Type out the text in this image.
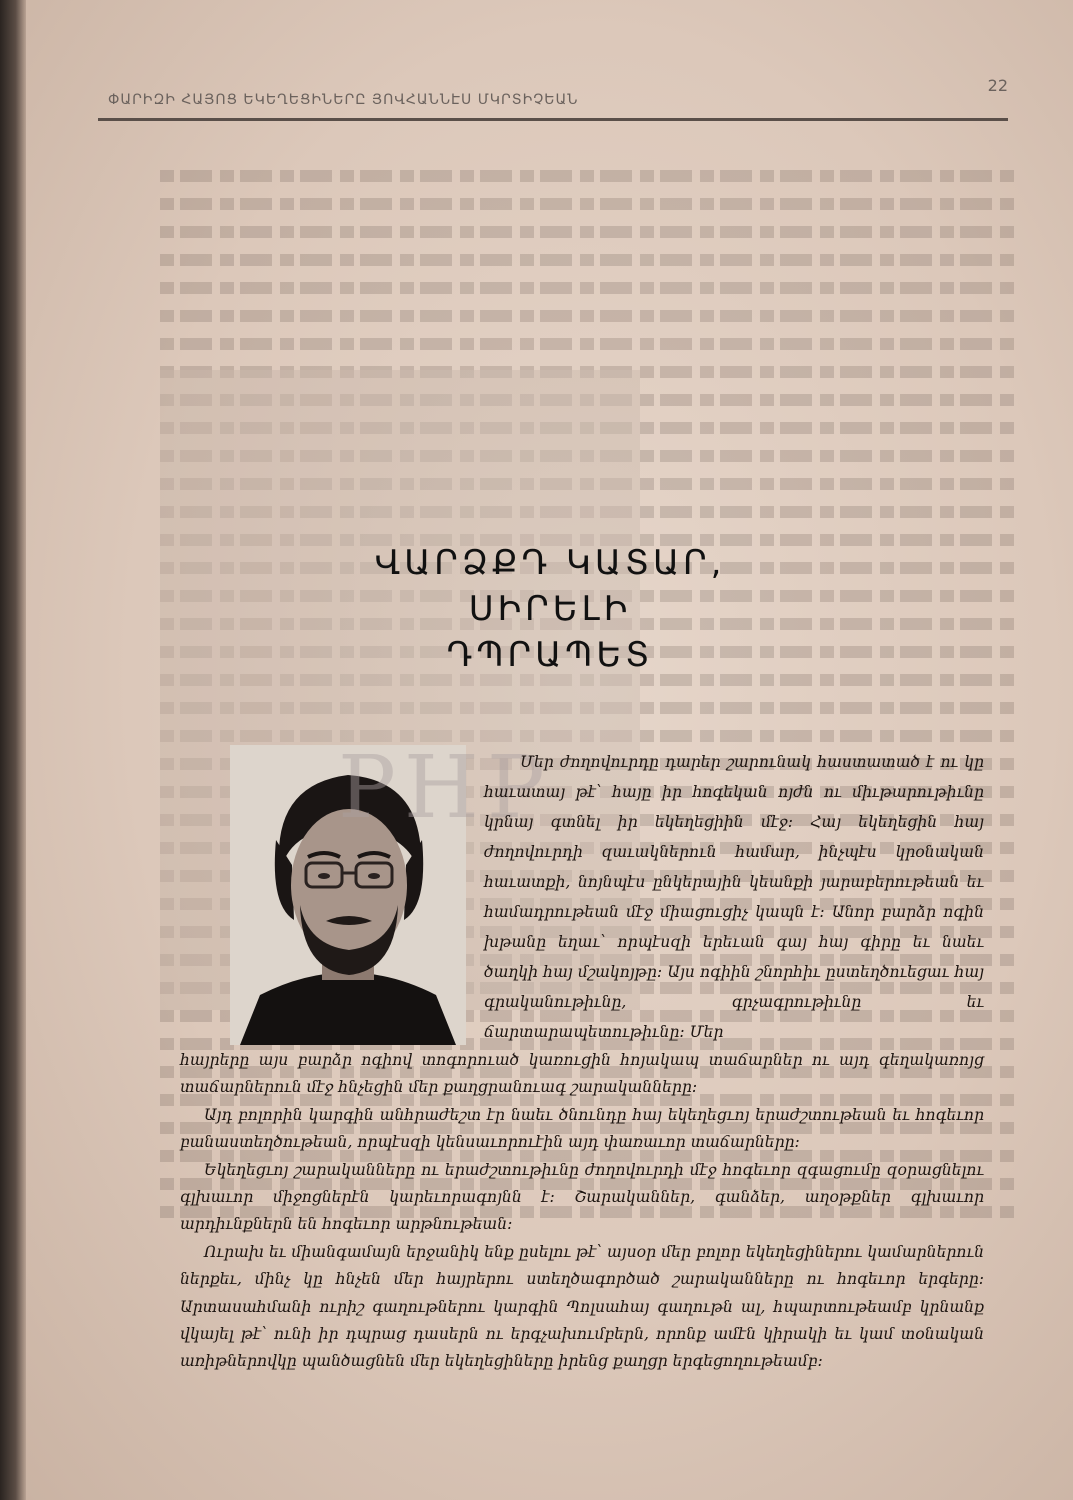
ՓԱՐԻԶԻ ՀԱՅՈՑ ԵԿԵՂԵՑԻՆԵՐԸ ՅՈՎՀԱՆՆԷՍ ՄԿՐՏԻՉԵԱՆ
22
ՎԱՐՁՔԴ ԿԱՏԱՐ,
ՍԻՐԵԼԻ ԴՊՐԱՊԵՏ
PHP

Մեր ժողովուրդը դարեր շարունակ հաստատած է ու կը հաւատայ թէ՝ հայը իր հոգեկան ոյժն ու միւթարութիւնը կրնայ գտնել իր եկեղեցիին մէջ: Հայ եկեղեցին հայ ժողովուրդի զաւակներուն համար, ինչպէս կրօնական հաւատքի, նոյնպէս ընկերային կեանքի յարաբերութեան եւ համադրութեան մէջ միացուցիչ կապն է: Անոր բարձր ոգին խթանը եղաւ՝ որպէսզի երեւան գայ հայ գիրը եւ նաեւ ծաղկի հայ մշակոյթը: Այս ոգիին շնորհիւ ըստեղծուեցաւ հայ գրականութիւնը, գրչագրութիւնը եւ ճարտարապետութիւնը: Մեր

հայրերը այս բարձր ոգիով տոգորուած կառուցին հոյակապ տաճարներ ու այդ գեղակառոյց տաճարներուն մէջ հնչեցին մեր քաղցրանուագ շարականները:

Այդ բոլորին կարգին անհրաժեշտ էր նաեւ ծնունդը հայ եկեղեցւոյ երաժշտութեան եւ հոգեւոր բանաստեղծութեան, որպէսզի կենսաւորուէին այդ փառաւոր տաճարները:

Եկեղեցւոյ շարականները ու երաժշտութիւնը ժողովուրդի մէջ հոգեւոր զգացումը զօրացնելու գլխաւոր միջոցներէն կարեւորագոյնն է: Շարականներ, գանձեր, աղօթքներ գլխաւոր արդիւնքներն են հոգեւոր արթնութեան:

Ուրախ եւ միանգամայն երջանիկ ենք ըսելու թէ՝ այսօր մեր բոլոր եկեղեցիներու կամարներուն ներքեւ, մինչ կը հնչեն մեր հայրերու ստեղծագործած շարականները ու հոգեւոր երգերը: Արտասահմանի ուրիշ գաղութներու կարգին Պոլսահայ գաղութն ալ, հպարտութեամբ կրնանք վկայել թէ՝ ունի իր դպրաց դասերն ու երգչախումբերն, որոնք ամէն կիրակի եւ կամ տօնական առիթներովկը պանծացնեն մեր եկեղեցիները իրենց քաղցր երգեցողութեամբ:
